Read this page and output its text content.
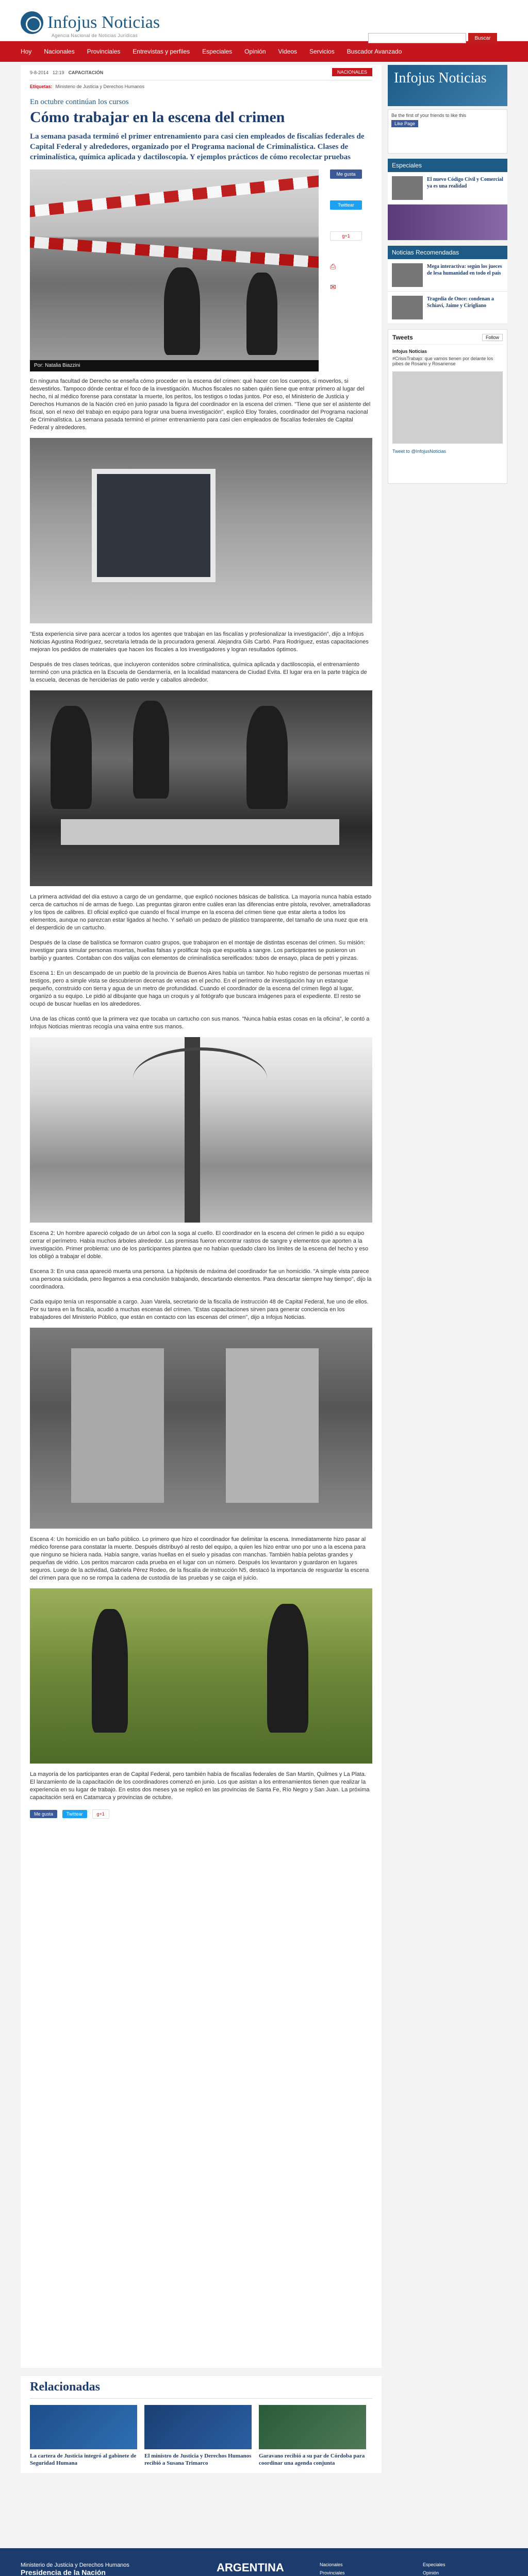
Infojus Noticias
Agencia Nacional de Noticias Jurídicas	Buscar
Hoy Nacionales Provinciales Entrevistas y perfiles Especiales Opinión Videos Servicios Buscador Avanzado
9-8-2014 12:19 CAPACITACIÓN	NACIONALES
Etiquetas: Ministerio de Justicia y Derechos Humanos
En octubre continúan los cursos
Cómo trabajar en la escena del crimen
La semana pasada terminó el primer entrenamiento para casi cien empleados de fiscalías federales de Capital Federal y alrededores, organizado por el Programa nacional de Criminalística. Clases de criminalística, química aplicada y dactiloscopia. Y ejemplos prácticos de cómo recolectar pruebas
Por: Natalia Biazzini
Me gusta
Twittear
g+1
⎙
✉

En ninguna facultad de Derecho se enseña cómo proceder en la escena del crimen: qué hacer con los cuerpos, si moverlos, si desvestirlos. Tampoco dónde centrar el foco de la investigación. Muchos fiscales no saben quién tiene que entrar primero al lugar del hecho, ni al médico forense para constatar la muerte, los peritos, los testigos o todas juntos. Por eso, el Ministerio de Justicia y Derechos Humanos de la Nación creó en junio pasado la figura del coordinador en la escena del crimen. "Tiene que ser el asistente del fiscal, son el nexo del trabajo en equipo para lograr una buena investigación", explicó Eloy Torales, coordinador del Programa nacional de Criminalística. La semana pasada terminó el primer entrenamiento para casi cien empleados de fiscalías federales de Capital Federal y alrededores.

"Esta experiencia sirve para acercar a todos los agentes que trabajan en las fiscalías y profesionalizar la investigación", dijo a Infojus Noticias Agustina Rodríguez, secretaria letrada de la procuradora general. Alejandra Gils Carbó. Para Rodríguez, estas capacitaciones mejoran los pedidos de materiales que hacen los fiscales a los investigadores y logran resultados óptimos.

Después de tres clases teóricas, que incluyeron contenidos sobre criminalística, química aplicada y dactiloscopia, el entrenamiento terminó con una práctica en la Escuela de Gendarmería, en la localidad matancera de Ciudad Evita. El lugar era en la parte trágica de la escuela, decenas de herciderias de patio verde y caballos alrededor.

La primera actividad del día estuvo a cargo de un gendarme, que explicó nociones básicas de balística. La mayoría nunca había estado cerca de cartuchos ni de armas de fuego. Las preguntas giraron entre cuáles eran las diferencias entre pistola, revolver, ametralladoras y los tipos de calibres. El oficial explicó que cuando el fiscal irrumpe en la escena del crimen tiene que estar alerta a todos los elementos, aunque no parezcan estar ligados al hecho. Y señaló un pedazo de plástico transparente, del tamaño de una nuez que era el desperdicio de un cartucho.

Después de la clase de balística se formaron cuatro grupos, que trabajaron en el montaje de distintas escenas del crimen. Su misión: investigar para simular personas muertas, huellas falsas y prolificar hoja que espuebla a sangre. Los participantes se pusieron un barbijo y guantes. Contaban con dos valijas con elementos de criminalística sereificados: tubos de ensayo, placa de petri y pinzas.

Escena 1: En un descampado de un pueblo de la provincia de Buenos Aires había un tambor. No hubo registro de personas muertas ni testigos, pero a simple vista se descubrieron decenas de venas en el pecho. En el perímetro de investigación hay un estanque pequeño, construido con tierra y agua de un metro de profundidad. Cuando el coordinador de la escena del crimen llegó al lugar, organizó a su equipo. Le pidió al dibujante que haga un croquis y al fotógrafo que buscara imágenes para el expediente. El resto se ocupó de buscar huellas en los alrededores.

Una de las chicas contó que la primera vez que tocaba un cartucho con sus manos. "Nunca había estas cosas en la oficina", le contó a Infojus Noticias mientras recogía una vaina entre sus manos.

Escena 2: Un hombre apareció colgado de un árbol con la soga al cuello. El coordinador en la escena del crimen le pidió a su equipo cerrar el perímetro. Había muchos árboles alrededor. Las premisas fueron encontrar rastros de sangre y elementos que aporten a la investigación. Primer problema: uno de los participantes plantea que no habían quedado claro los límites de la escena del hecho y eso los obligó a trabajar el doble.

Escena 3: En una casa apareció muerta una persona. La hipótesis de máxima del coordinador fue un homicidio. "A simple vista parece una persona suicidada, pero llegamos a esa conclusión trabajando, descartando elementos. Para descartar siempre hay tiempo", dijo la coordinadora.

Cada equipo tenía un responsable a cargo. Juan Varela, secretario de la fiscalía de instrucción 48 de Capital Federal, fue uno de ellos. Por su tarea en la fiscalía, acudió a muchas escenas del crimen. "Estas capacitaciones sirven para generar conciencia en los trabajadores del Ministerio Público, que están en contacto con las escenas del crimen", dijo a Infojus Noticias.

Escena 4: Un homicidio en un baño público. Lo primero que hizo el coordinador fue delimitar la escena. Inmediatamente hizo pasar al médico forense para constatar la muerte. Después distribuyó al resto del equipo, a quien les hizo entrar uno por uno a la escena para que ninguno se hiciera nada. Había sangre, varias huellas en el suelo y pisadas con manchas. También había pelotas grandes y pequeñas de vidrio. Los peritos marcaron cada prueba en el lugar con un número. Después los levantaron y guardaron en lugares seguros. Luego de la actividad, Gabriela Pérez Rodeo, de la fiscalía de instrucción N5, destacó la importancia de resguardar la escena del crimen para que no se rompa la cadena de custodia de las pruebas y se caiga el juicio.

La mayoría de los participantes eran de Capital Federal, pero también había de fiscalías federales de San Martín, Quilmes y La Plata. El lanzamiento de la capacitación de los coordinadores comenzó en junio. Los que asistan a los entrenamientos tienen que realizar la experiencia en su lugar de trabajo. En estos dos meses ya se replicó en las provincias de Santa Fe, Río Negro y San Juan. La próxima capacitación será en Catamarca y provincias de octubre.

Me gusta	Twittear	g+1
Relacionadas
La cartera de Justicia integró al gabinete de Seguridad Humana
El ministro de Justicia y Derechos Humanos recibió a Susana Trimarco
Garavano recibió a su par de Córdoba para coordinar una agenda conjunta
Infojus Noticias
Be the first of your friends to like this
Like Page
Especiales
El nuevo Código Civil y Comercial ya es una realidad
Noticias Recomendadas
Mega interactiva: según los jueces de lesa humanidad en todo el país
Tragedia de Once: condenan a Schiavi, Jaime y Cirigliano
Tweets	Follow
Infojus Noticias
#CrisisTrabajo: que vamos tienen por delante los pibes de Rosario y Rosariense
Tweet to @InfojusNoticias
Ministerio de Justicia y Derechos Humanos
Presidencia de la Nación	ARGENTINA	Nacionales
Provinciales
Especiales
Opinión
